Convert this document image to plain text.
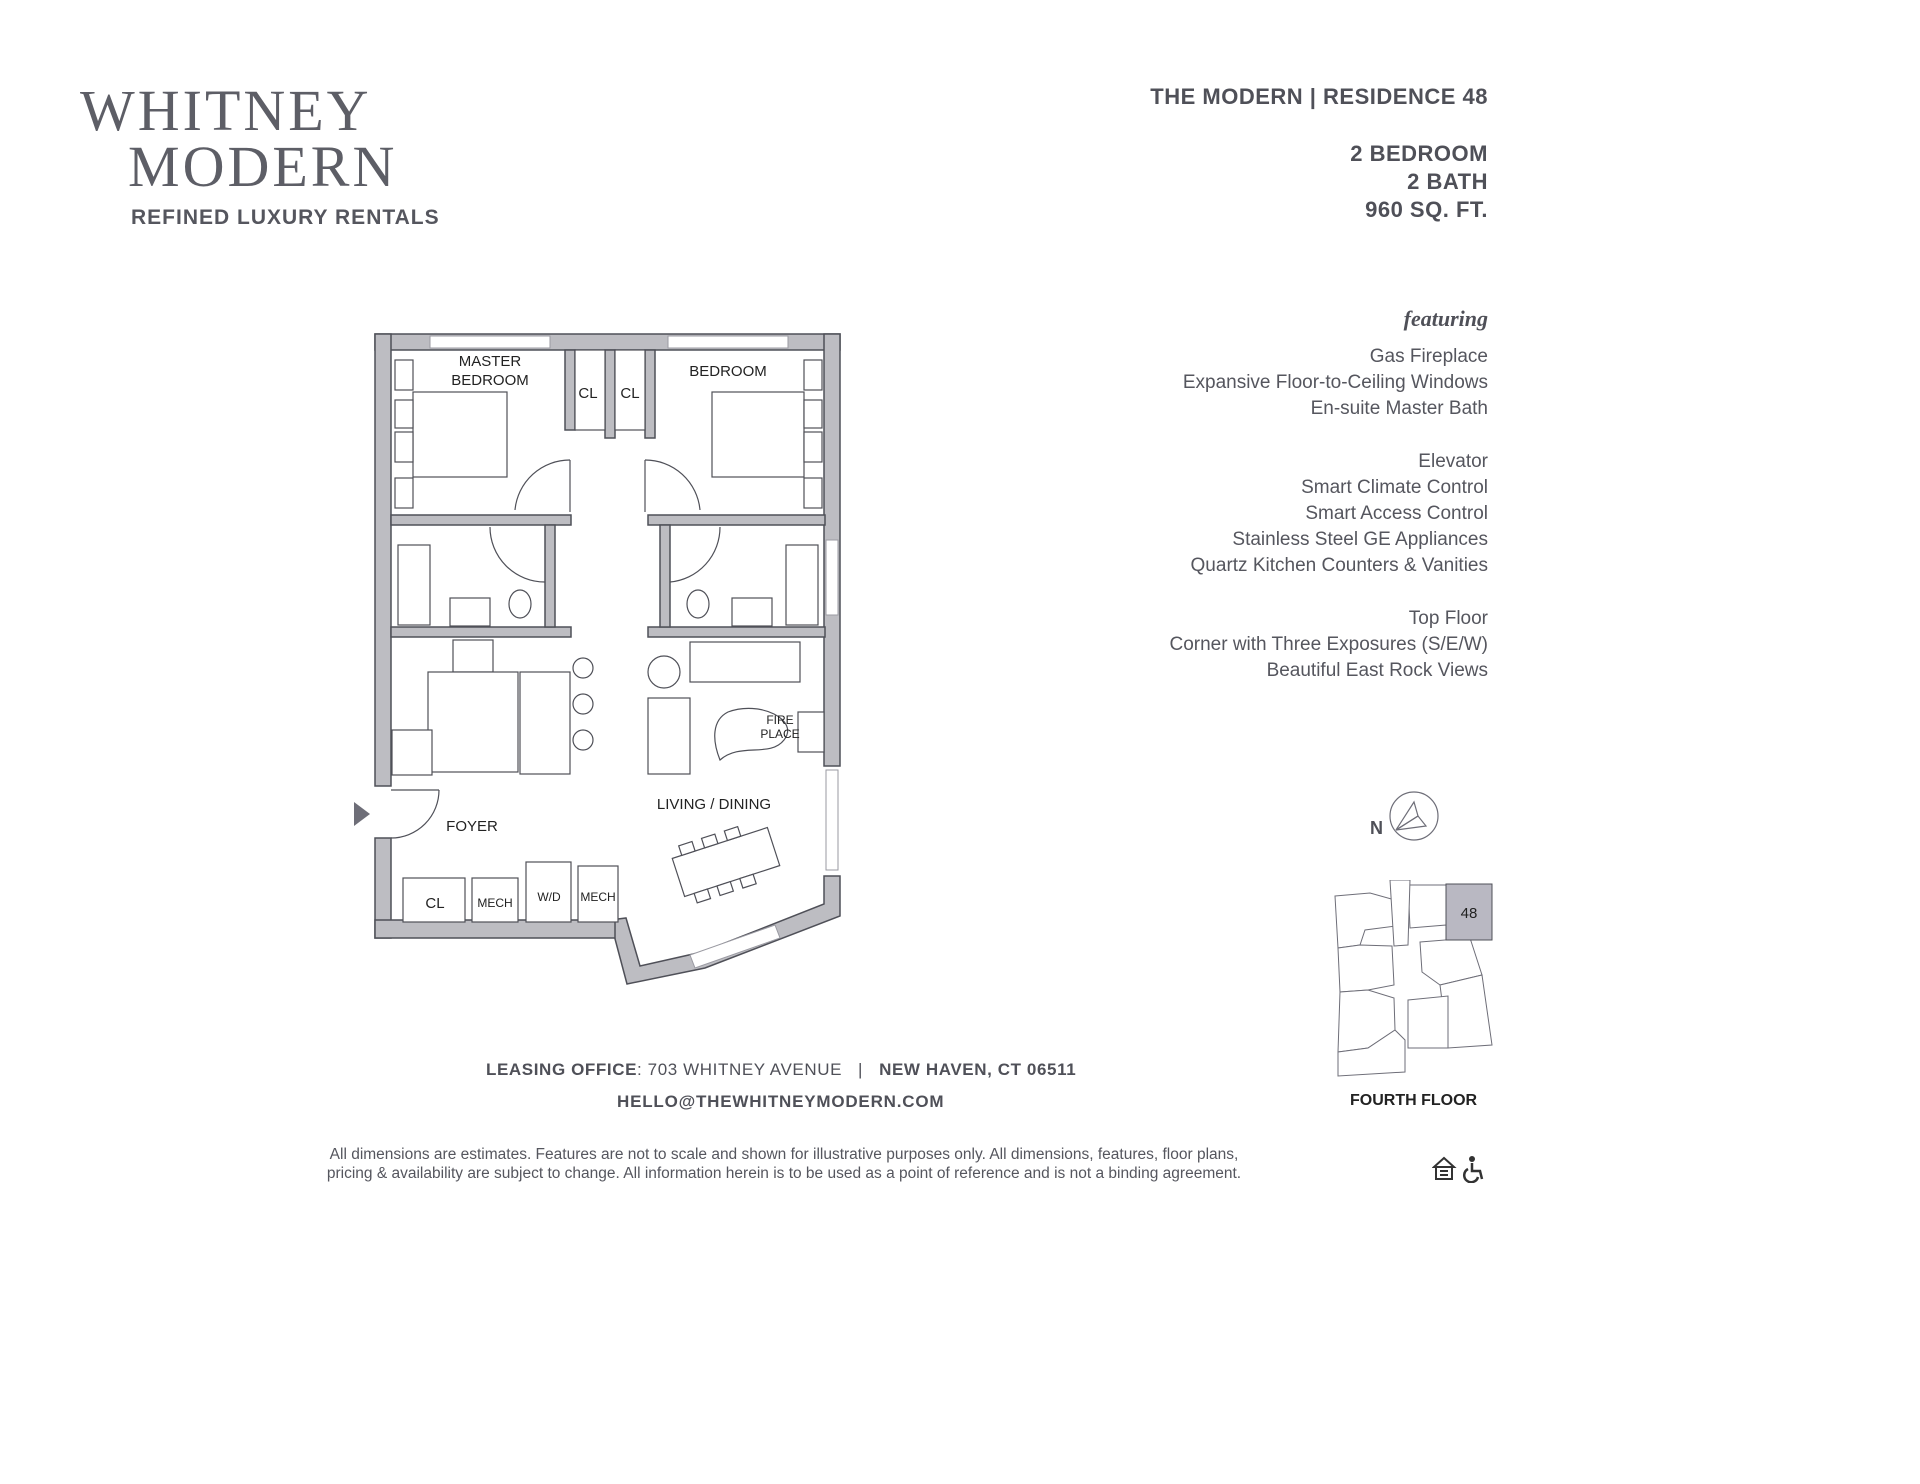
WHITNEY
MODERN
REFINED LUXURY RENTALS
THE MODERN | RESIDENCE 48
2 BEDROOM
2 BATH
960 SQ. FT.
featuring
Gas Fireplace
Expansive Floor-to-Ceiling Windows
En-suite Master Bath
Elevator
Smart Climate Control
Smart Access Control
Stainless Steel GE Appliances
Quartz Kitchen Counters & Vanities
Top Floor
Corner with Three Exposures (S/E/W)
Beautiful East Rock Views
MASTER
BEDROOM
CL CL
BEDROOM
FIRE
PLACE
LIVING / DINING
FOYER
CL	MECH W/D MECH
N
48
FOURTH FLOOR
LEASING OFFICE: 703 WHITNEY AVENUE | NEW HAVEN, CT 06511
HELLO@THEWHITNEYMODERN.COM
All dimensions are estimates. Features are not to scale and shown for illustrative purposes only. All dimensions, features, floor plans,
pricing & availability are subject to change. All information herein is to be used as a point of reference and is not a binding agreement.
